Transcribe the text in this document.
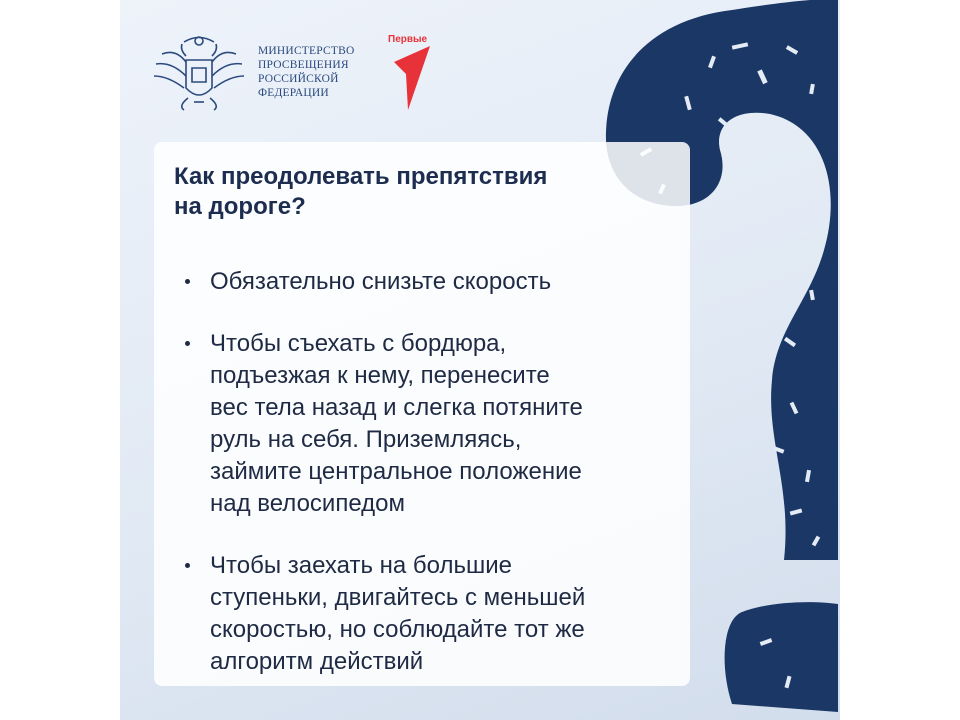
МИНИСТЕРСТВО
ПРОСВЕЩЕНИЯ
РОССИЙСКОЙ
ФЕДЕРАЦИИ
Первые
Как преодолевать препятствия
на дороге?
Обязательно снизьте скорость
Чтобы съехать с бордюра,
подъезжая к нему, перенесите
вес тела назад и слегка потяните
руль на себя. Приземляясь,
займите центральное положение
над велосипедом
Чтобы заехать на большие
ступеньки, двигайтесь с меньшей
скоростью, но соблюдайте тот же
алгоритм действий
